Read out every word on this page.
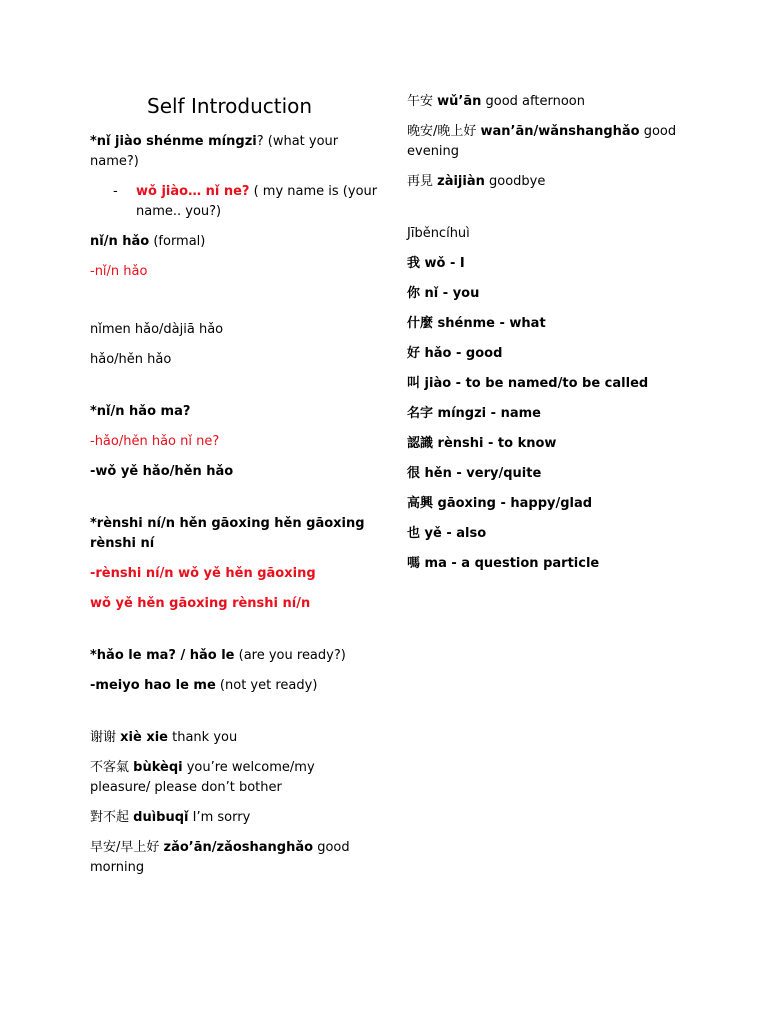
Self Introduction
*nǐ jiào shénme míngzi? (what your name?)
- wǒ jiào… nǐ ne? ( my name is (your name.. you?)
nǐ/n hǎo (formal)
-nǐ/n hǎo
nǐmen hǎo/dàjiā hǎo
hǎo/hěn hǎo
*nǐ/n hǎo ma?
-hǎo/hěn hǎo nǐ ne?
-wǒ yě hǎo/hěn hǎo
*rènshi ní/n hěn gāoxing hěn gāoxing rènshi ní
-rènshi ní/n wǒ yě hěn gāoxing
wǒ yě hěn gāoxing rènshi ní/n
*hǎo le ma? / hǎo le (are you ready?)
-meiyo hao le me (not yet ready)
谢谢 xiè xie thank you
不客氣 bùkèqi you’re welcome/my pleasure/ please don’t bother
對不起 duìbuqǐ I’m sorry
早安/早上好 zǎo’ān/zǎoshanghǎo good morning
午安 wǔ’ān good afternoon
晚安/晚上好 wan’ān/wǎnshanghǎo good evening
再見 zàijiàn goodbye
Jīběncíhuì
我 wǒ - I
你 nǐ - you
什麼 shénme - what
好 hǎo - good
叫 jiào - to be named/to be called
名字 míngzi - name
認識 rènshi - to know
很 hěn - very/quite
高興 gāoxing - happy/glad
也 yě - also
嗎 ma - a question particle
